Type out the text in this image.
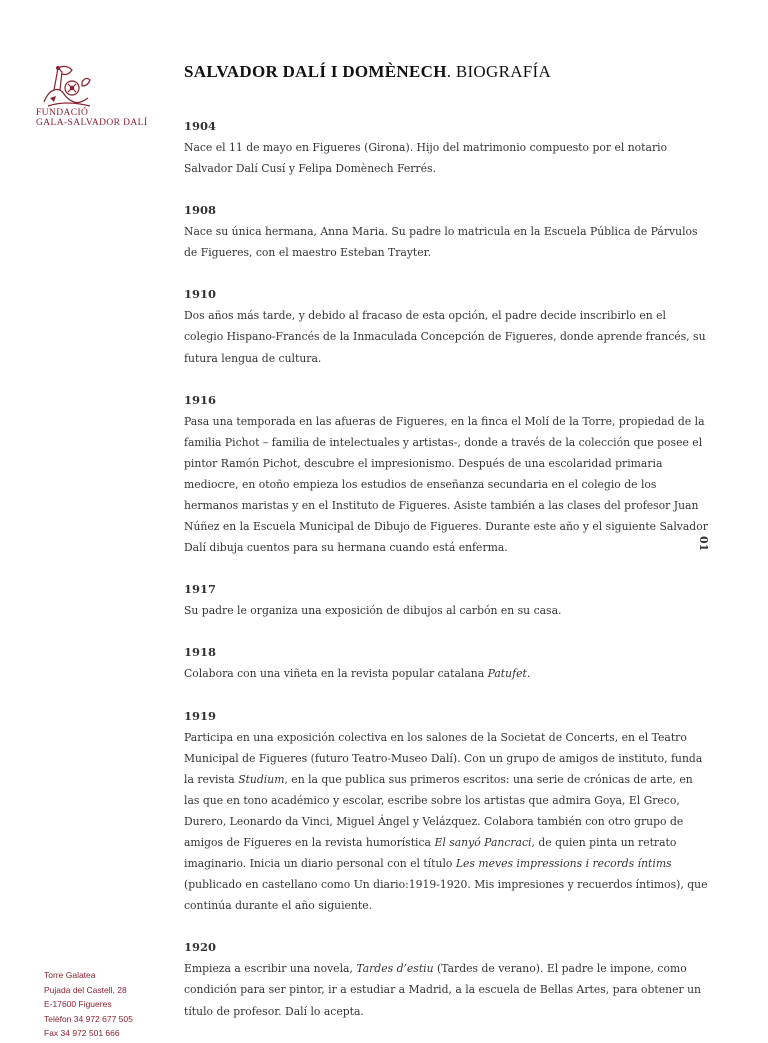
FUNDACIÓ
GALA-SALVADOR DALÍ
SALVADOR DALÍ I DOMÈNECH. BIOGRAFÍA
1904
Nace el 11 de mayo en Figueres (Girona). Hijo del matrimonio compuesto por el notario Salvador Dalí Cusí y Felipa Domènech Ferrés.
1908
Nace su única hermana, Anna Maria. Su padre lo matricula en la Escuela Pública de Párvulos de Figueres, con el maestro Esteban Trayter.
1910
Dos años más tarde, y debido al fracaso de esta opción, el padre decide inscribirlo en el colegio Hispano-Francés de la Inmaculada Concepción de Figueres, donde aprende francés, su futura lengua de cultura.
1916
Pasa una temporada en las afueras de Figueres, en la finca el Molí de la Torre, propiedad de la familia Pichot – familia de intelectuales y artistas-, donde a través de la colección que posee el pintor Ramón Pichot, descubre el impresionismo. Después de una escolaridad primaria mediocre, en otoño empieza los estudios de enseñanza secundaria en el colegio de los hermanos maristas y en el Instituto de Figueres. Asiste también a las clases del profesor Juan Núñez en la Escuela Municipal de Dibujo de Figueres. Durante este año y el siguiente Salvador Dalí dibuja cuentos para su hermana cuando está enferma.
1917
Su padre le organiza una exposición de dibujos al carbón en su casa.
1918
Colabora con una viñeta en la revista popular catalana Patufet.
1919
Participa en una exposición colectiva en los salones de la Societat de Concerts, en el Teatro Municipal de Figueres (futuro Teatro-Museo Dalí). Con un grupo de amigos de instituto, funda la revista Studium, en la que publica sus primeros escritos: una serie de crónicas de arte, en las que en tono académico y escolar, escribe sobre los artistas que admira Goya, El Greco, Durero, Leonardo da Vinci, Miguel Ángel y Velázquez. Colabora también con otro grupo de amigos de Figueres en la revista humorística El sanyó Pancraci, de quien pinta un retrato imaginario. Inicia un diario personal con el título Les meves impressions i records íntims (publicado en castellano como Un diario:1919-1920. Mis impresiones y recuerdos íntimos), que continúa durante el año siguiente.
1920
Empieza a escribir una novela, Tardes d’estiu (Tardes de verano). El padre le impone, como condición para ser pintor, ir a estudiar a Madrid, a la escuela de Bellas Artes, para obtener un título de profesor. Dalí lo acepta.
01
Torre Galatea
Pujada del Castell, 28
E-17600 Figueres
Telèfon 34 972 677 505
Fax 34 972 501 666
